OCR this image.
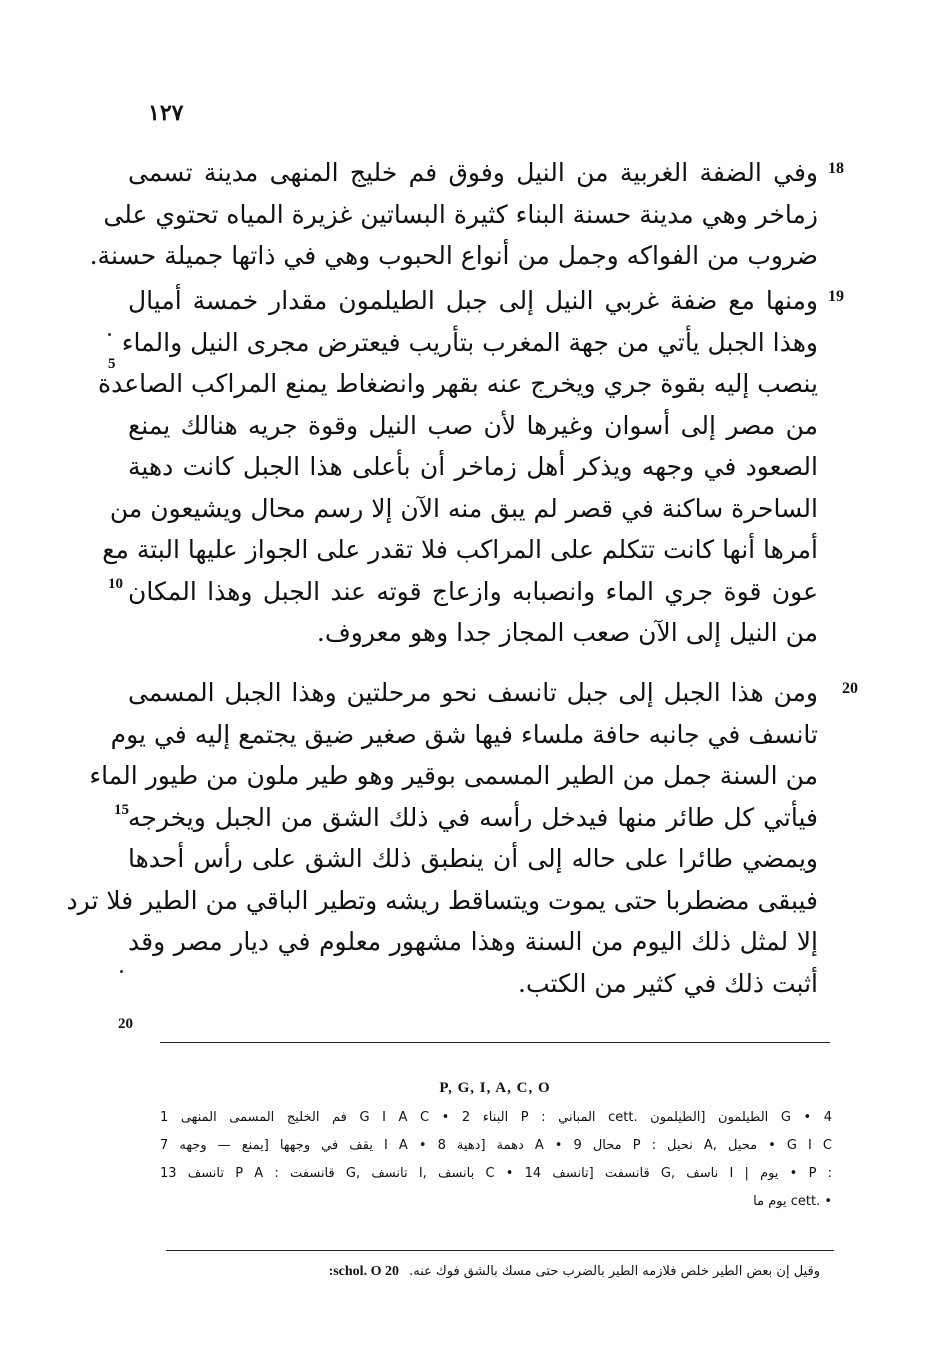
١٢٧
18
وفي الضفة الغربية من النيل وفوق فم خليج المنهى مدينة تسمى
زماخر وهي مدينة حسنة البناء كثيرة البساتين غزيرة المياه تحتوي على
ضروب من الفواكه وجمل من أنواع الحبوب وهي في ذاتها جميلة حسنة.
19
ومنها مع ضفة غربي النيل إلى جبل الطيلمون مقدار خمسة أميال
وهذا الجبل يأتي من جهة المغرب بتأريب فيعترض مجرى النيل والماء
ينصب إليه بقوة جري ويخرج عنه بقهر وانضغاط يمنع المراكب الصاعدة
من مصر إلى أسوان وغيرها لأن صب النيل وقوة جريه هنالك يمنع
الصعود في وجهه ويذكر أهل زماخر أن بأعلى هذا الجبل كانت دهية
الساحرة ساكنة في قصر لم يبق منه الآن إلا رسم محال ويشيعون من
أمرها أنها كانت تتكلم على المراكب فلا تقدر على الجواز عليها البتة مع
عون قوة جري الماء وانصبابه وازعاج قوته عند الجبل وهذا المكان
من النيل إلى الآن صعب المجاز جدا وهو معروف.
20
ومن هذا الجبل إلى جبل تانسف نحو مرحلتين وهذا الجبل المسمى
تانسف في جانبه حافة ملساء فيها شق صغير ضيق يجتمع إليه في يوم
من السنة جمل من الطير المسمى بوقير وهو طير ملون من طيور الماء
فيأتي كل طائر منها فيدخل رأسه في ذلك الشق من الجبل ويخرجه
ويمضي طائرا على حاله إلى أن ينطبق ذلك الشق على رأس أحدها
فيبقى مضطربا حتى يموت ويتساقط ريشه وتطير الباقي من الطير فلا ترد
إلا لمثل ذلك اليوم من السنة وهذا مشهور معلوم في ديار مصر وقد
أثبت ذلك في كثير من الكتب.
5
10
15
20
P, G, I, A, C, O
G • 4 الطيلمون [الطيلمون .cett المباني : P البناء 2 • G I A C فم الخليج المسمى المنهى 1
G I C • محيل ,A نحيل : P محال 9 • A دهمة [دهية 8 • I A يقف في وجهها [يمنع — وجهه 7
: P • يوم | I ناسف ,G قانسفت [تانسف 14 • C بانسف ,I تانسف ,G قانسفت : P A تانسف 13
• .cett يوم ما
وقيل إن بعض الطير خلص فلازمه الطير بالضرب حتى مسك بالشق فوك عنه. 20 schol. O:
